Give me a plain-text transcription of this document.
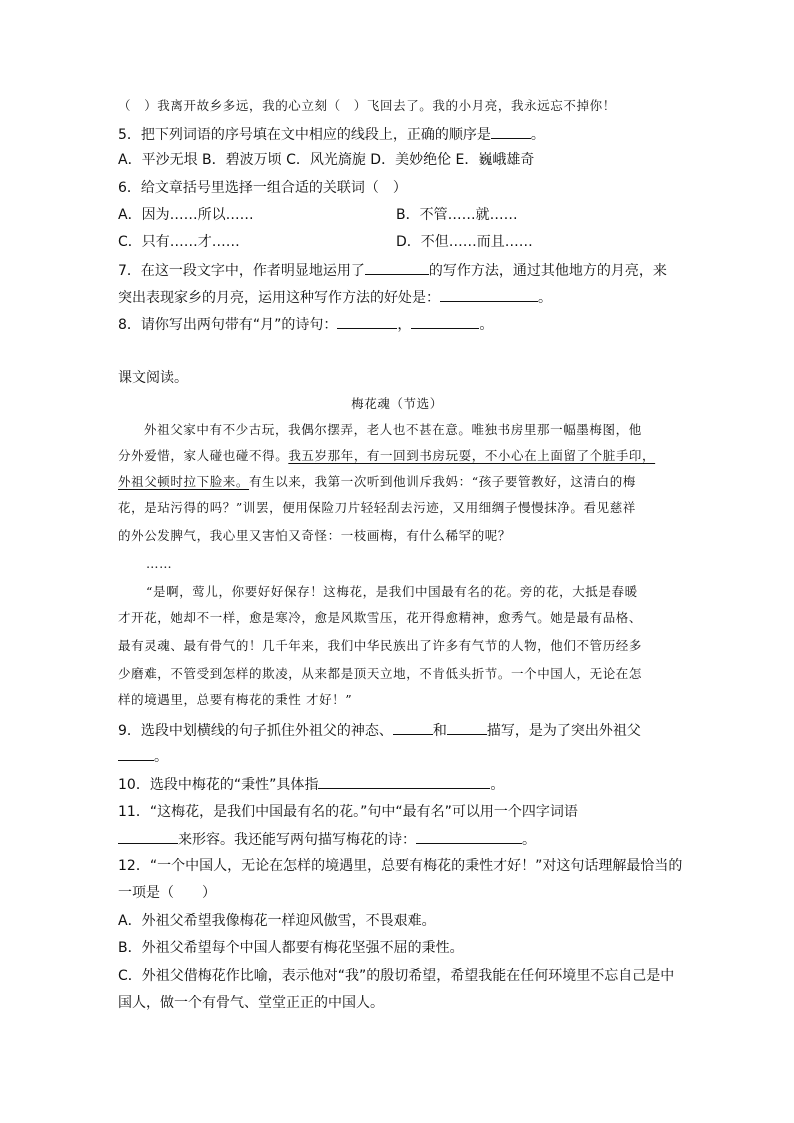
（　）我离开故乡多远，我的心立刻（　）飞回去了。我的小月亮，我永远忘不掉你！
5．把下列词语的序号填在文中相应的线段上，正确的顺序是	。
A．平沙无垠 B．碧波万顷 C．风光旖旎 D．美妙绝伦 E．巍峨雄奇
6．给文章括号里选择一组合适的关联词（　）
A．因为……所以……	B．不管……就……
C．只有……才……	D．不但……而且……
7．在这一段文字中，作者明显地运用了	的写作方法，通过其他地方的月亮，来
突出表现家乡的月亮，运用这种写作方法的好处是：	。
8．请你写出两句带有“月”的诗句：	，	。
课文阅读。
梅花魂（节选）
外祖父家中有不少古玩，我偶尔摆弄，老人也不甚在意。唯独书房里那一幅墨梅图，他
分外爱惜，家人碰也碰不得。我五岁那年，有一回到书房玩耍，不小心在上面留了个脏手印，
外祖父顿时拉下脸来。有生以来，我第一次听到他训斥我妈：“孩子要管教好，这清白的梅
花，是玷污得的吗？”训罢，便用保险刀片轻轻刮去污迹，又用细绸子慢慢抹净。看见慈祥
的外公发脾气，我心里又害怕又奇怪：一枝画梅，有什么稀罕的呢？
……
“是啊，莺儿，你要好好保存！这梅花，是我们中国最有名的花。旁的花，大抵是春暖
才开花，她却不一样，愈是寒冷，愈是风欺雪压，花开得愈精神，愈秀气。她是最有品格、
最有灵魂、最有骨气的！几千年来，我们中华民族出了许多有气节的人物，他们不管历经多
少磨难，不管受到怎样的欺凌，从来都是顶天立地，不肯低头折节。一个中国人，无论在怎
样的境遇里，总要有梅花的秉性 才好！”
9．选段中划横线的句子抓住外祖父的神态、	和	描写，是为了突出外祖父
。
10．选段中梅花的“秉性”具体指	。
11．“这梅花，是我们中国最有名的花。”句中“最有名”可以用一个四字词语
来形容。我还能写两句描写梅花的诗：	。
12．“一个中国人，无论在怎样的境遇里，总要有梅花的秉性才好！”对这句话理解最恰当的
一项是（　　）
A．外祖父希望我像梅花一样迎风傲雪，不畏艰难。
B．外祖父希望每个中国人都要有梅花坚强不屈的秉性。
C．外祖父借梅花作比喻，表示他对“我”的殷切希望，希望我能在任何环境里不忘自己是中
国人，做一个有骨气、堂堂正正的中国人。
